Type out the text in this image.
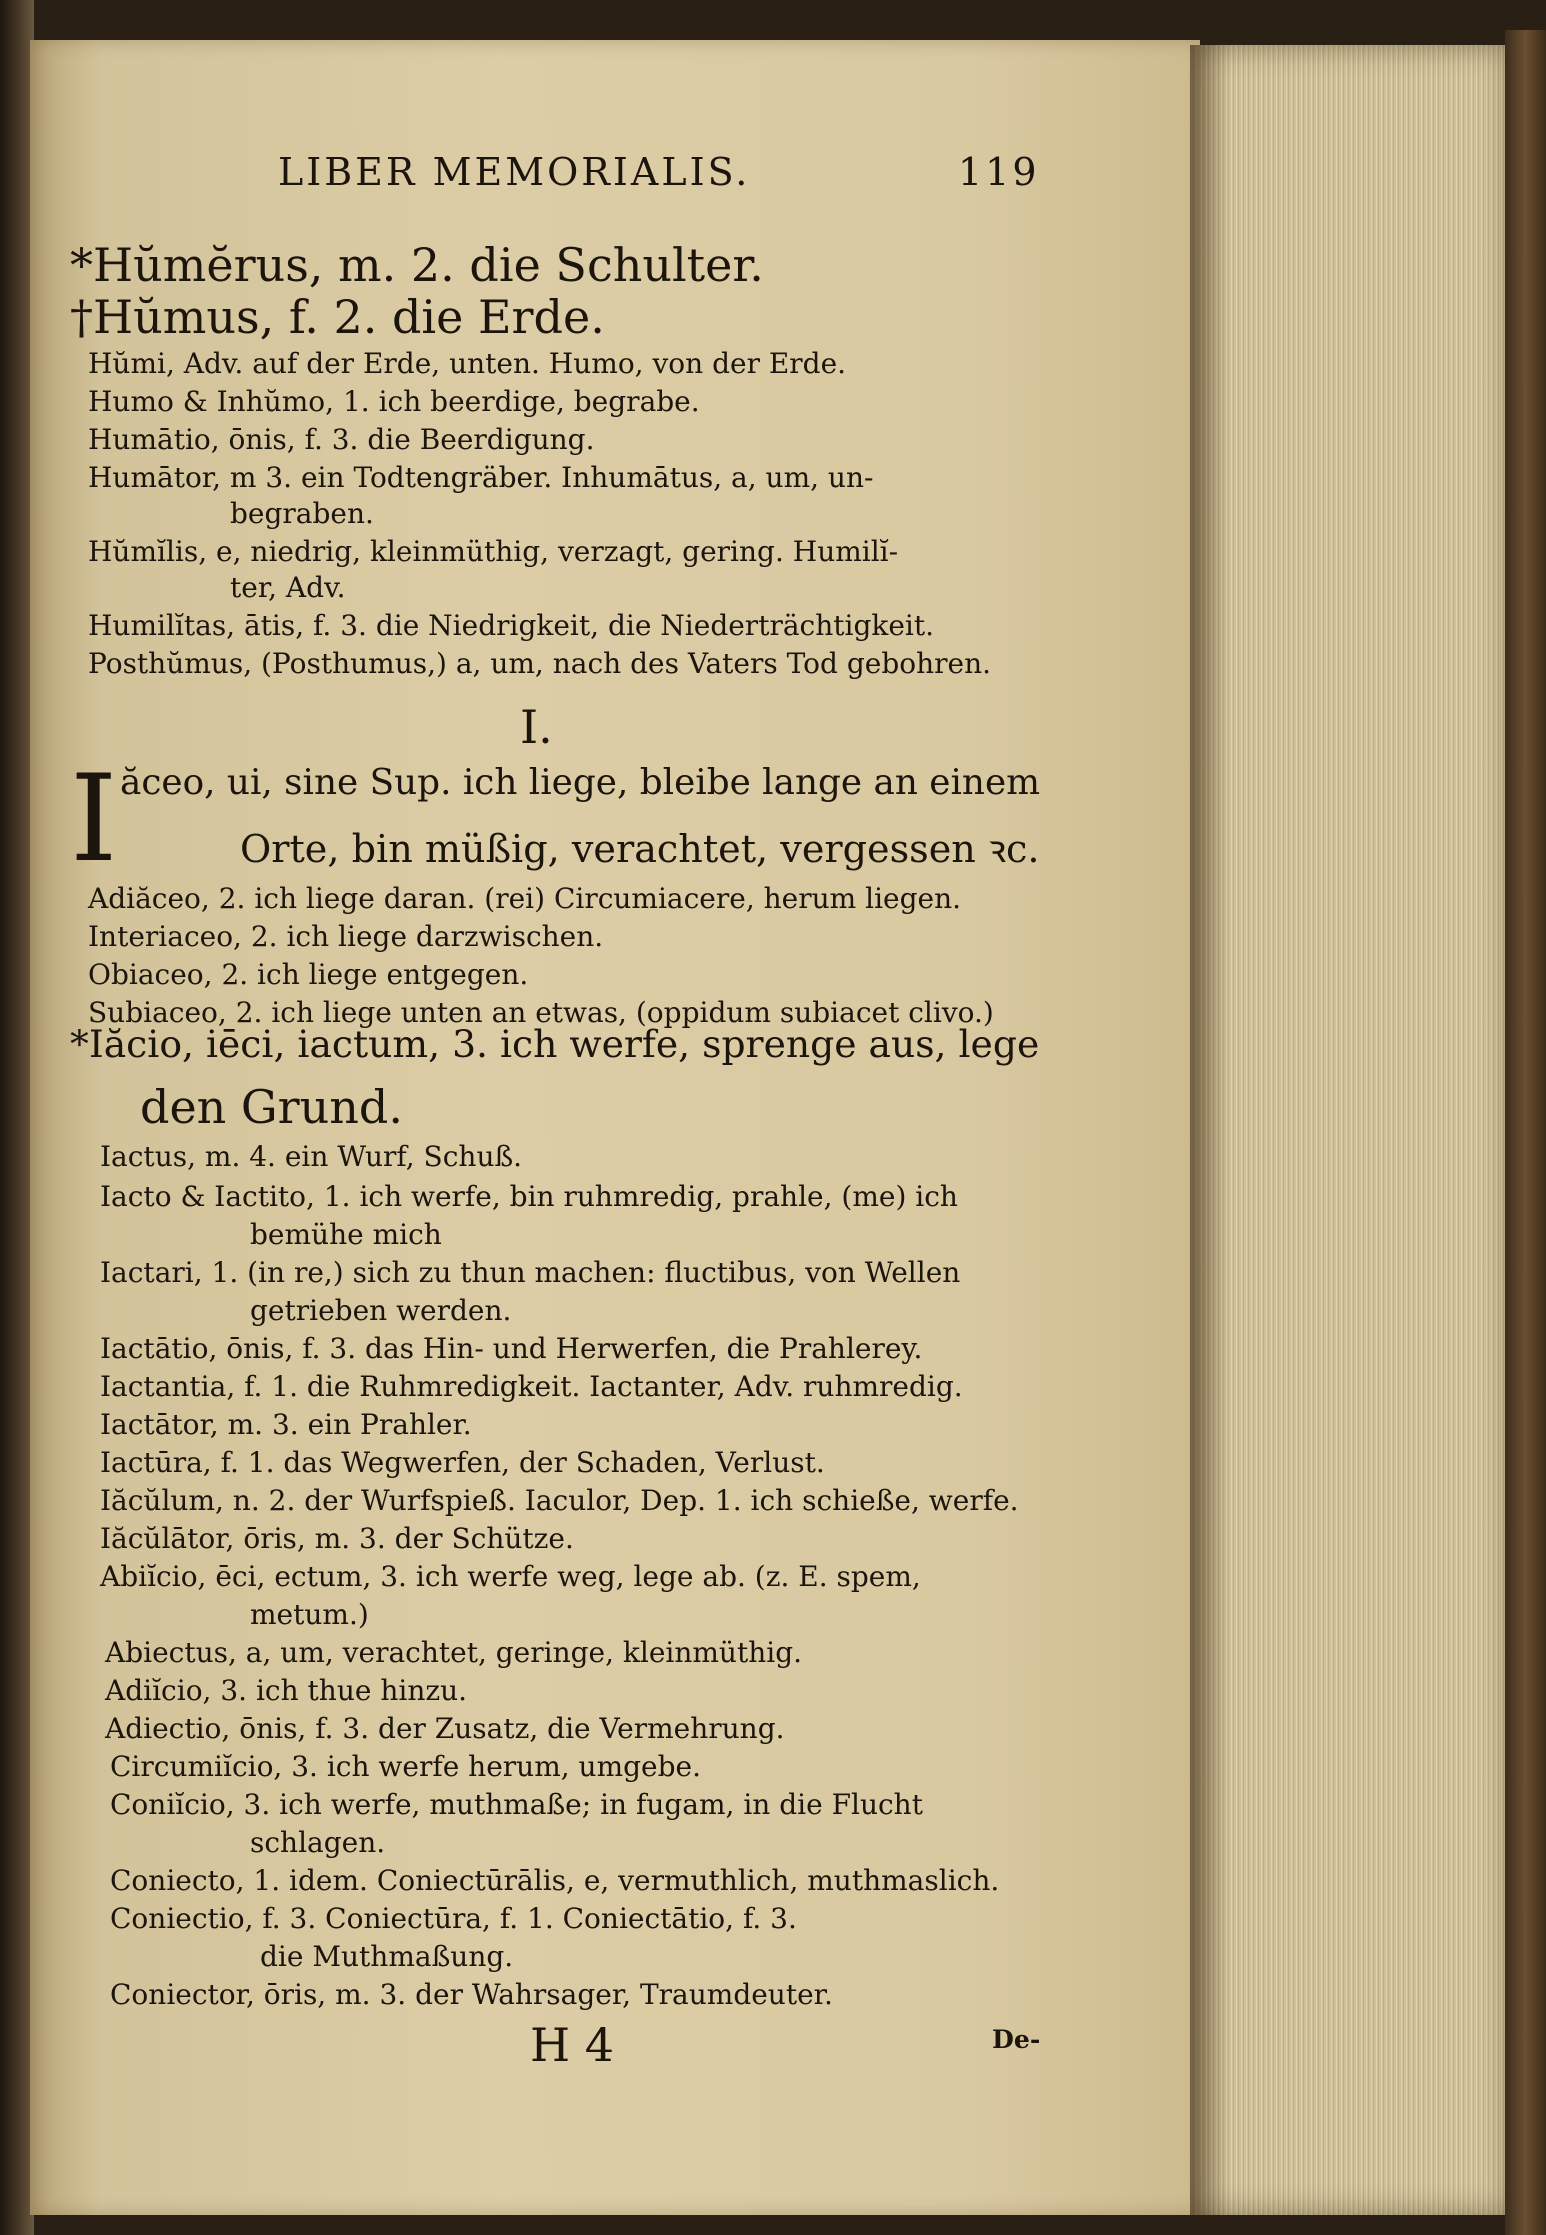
LIBER MEMORIALIS.	119
*Hŭmĕrus, m. 2. die Schulter.
†Hŭmus, f. 2. die Erde.
Hŭmi, Adv. auf der Erde, unten. Humo, von der Erde.
Humo & Inhŭmo, 1. ich beerdige, begrabe.
Humātio, ōnis, f. 3. die Beerdigung.
Humātor, m 3. ein Todtengräber. Inhumātus, a, um, un-
begraben.
Hŭmĭlis, e, niedrig, kleinmüthig, verzagt, gering. Humilĭ-
ter, Adv.
Humilĭtas, ātis, f. 3. die Niedrigkeit, die Niederträchtigkeit.
Posthŭmus, (Posthumus,) a, um, nach des Vaters Tod gebohren.
I.
I ăceo, ui, sine Sup. ich liege, bleibe lange an einem
Orte, bin müßig, verachtet, vergessen ꝛc.
Adiăceo, 2. ich liege daran. (rei) Circumiacere, herum liegen.
Interiaceo, 2. ich liege darzwischen.
Obiaceo, 2. ich liege entgegen.
Subiaceo, 2. ich liege unten an etwas, (oppidum subiacet clivo.)
*Iăcio, iēci, iactum, 3. ich werfe, sprenge aus, lege
den Grund.
Iactus, m. 4. ein Wurf, Schuß.
Iacto & Iactito, 1. ich werfe, bin ruhmredig, prahle, (me) ich
bemühe mich
Iactari, 1. (in re,) sich zu thun machen: fluctibus, von Wellen
getrieben werden.
Iactātio, ōnis, f. 3. das Hin- und Herwerfen, die Prahlerey.
Iactantia, f. 1. die Ruhmredigkeit. Iactanter, Adv. ruhmredig.
Iactātor, m. 3. ein Prahler.
Iactūra, f. 1. das Wegwerfen, der Schaden, Verlust.
Iăcŭlum, n. 2. der Wurfspieß. Iaculor, Dep. 1. ich schieße, werfe.
Iăcŭlātor, ōris, m. 3. der Schütze.
Abiĭcio, ēci, ectum, 3. ich werfe weg, lege ab. (z. E. spem,
metum.)
Abiectus, a, um, verachtet, geringe, kleinmüthig.
Adiĭcio, 3. ich thue hinzu.
Adiectio, ōnis, f. 3. der Zusatz, die Vermehrung.
Circumiĭcio, 3. ich werfe herum, umgebe.
Coniĭcio, 3. ich werfe, muthmaße; in fugam, in die Flucht
schlagen.
Coniecto, 1. idem. Coniectūrālis, e, vermuthlich, muthmaslich.
Coniectio, f. 3. Coniectūra, f. 1. Coniectātio, f. 3.
die Muthmaßung.
Coniector, ōris, m. 3. der Wahrsager, Traumdeuter.
H 4	De-
